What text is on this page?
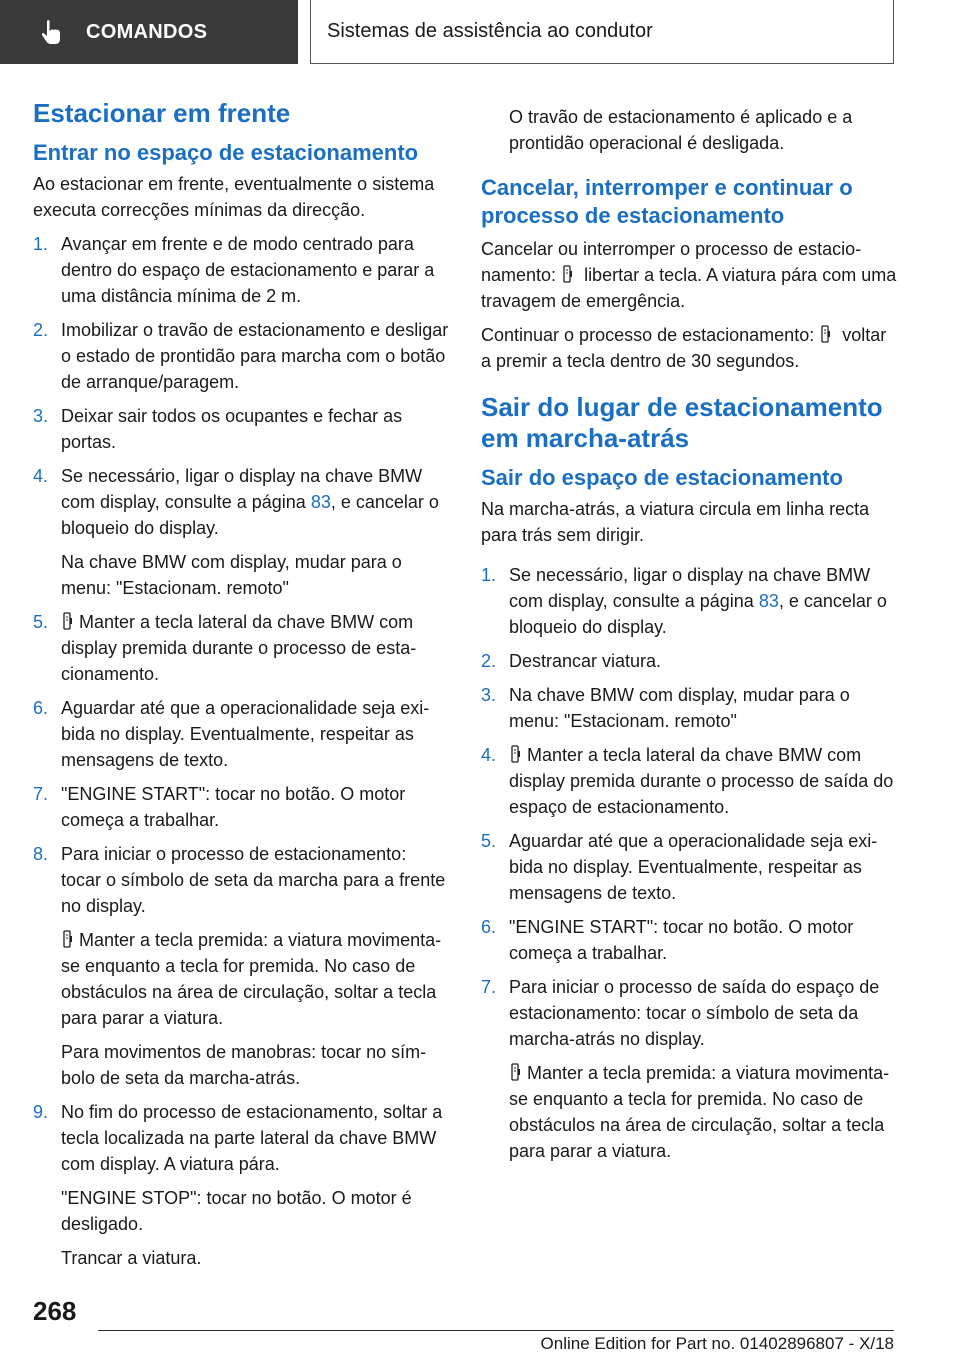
COMANDOS	Sistemas de assistência ao condutor
Estacionar em frente
Entrar no espaço de estacionamento

Ao estacionar em frente, eventualmente o sistema executa correcções mínimas da direcção.

1. Avançar em frente e de modo centrado para dentro do espaço de estacionamento e parar a uma distância mínima de 2 m.

2. Imobilizar o travão de estacionamento e desligar o estado de prontidão para marcha com o botão de arranque/paragem.

3. Deixar sair todos os ocupantes e fechar as portas.

4. Se necessário, ligar o display na chave BMW com display, consulte a página 83, e cancelar o bloqueio do display.

Na chave BMW com display, mudar para o menu: "Estacionam. remoto"

5.	Manter a tecla lateral da chave BMW com display premida durante o processo de estacionamento.

6. Aguardar até que a operacionalidade seja exibida no display. Eventualmente, respeitar as mensagens de texto.

7. "ENGINE START": tocar no botão. O motor começa a trabalhar.

8. Para iniciar o processo de estacionamento: tocar o símbolo de seta da marcha para a frente no display.

Manter a tecla premida: a viatura movimenta-se enquanto a tecla for premida. No caso de obstáculos na área de circulação, soltar a tecla para parar a viatura.

Para movimentos de manobras: tocar no símbolo de seta da marcha-atrás.

9. No fim do processo de estacionamento, soltar a tecla localizada na parte lateral da chave BMW com display. A viatura pára.

"ENGINE STOP": tocar no botão. O motor é desligado.

Trancar a viatura.

O travão de estacionamento é aplicado e a prontidão operacional é desligada.

Cancelar, interromper e continuar o processo de estacionamento

Cancelar ou interromper o processo de estacionamento:  libertar a tecla. A viatura pára com uma travagem de emergência.

Continuar o processo de estacionamento:  voltar a premir a tecla dentro de 30 segundos.

Sair do lugar de estacionamento em marcha-atrás
Sair do espaço de estacionamento

Na marcha-atrás, a viatura circula em linha recta para trás sem dirigir.

1. Se necessário, ligar o display na chave BMW com display, consulte a página 83, e cancelar o bloqueio do display.

2. Destrancar viatura.

3. Na chave BMW com display, mudar para o menu: "Estacionam. remoto"

4.	Manter a tecla lateral da chave BMW com display premida durante o processo de saída do espaço de estacionamento.

5. Aguardar até que a operacionalidade seja exibida no display. Eventualmente, respeitar as mensagens de texto.

6. "ENGINE START": tocar no botão. O motor começa a trabalhar.

7. Para iniciar o processo de saída do espaço de estacionamento: tocar o símbolo de seta da marcha-atrás no display.

Manter a tecla premida: a viatura movimenta-se enquanto a tecla for premida. No caso de obstáculos na área de circulação, soltar a tecla para parar a viatura.

268
Online Edition for Part no. 01402896807 - X/18
